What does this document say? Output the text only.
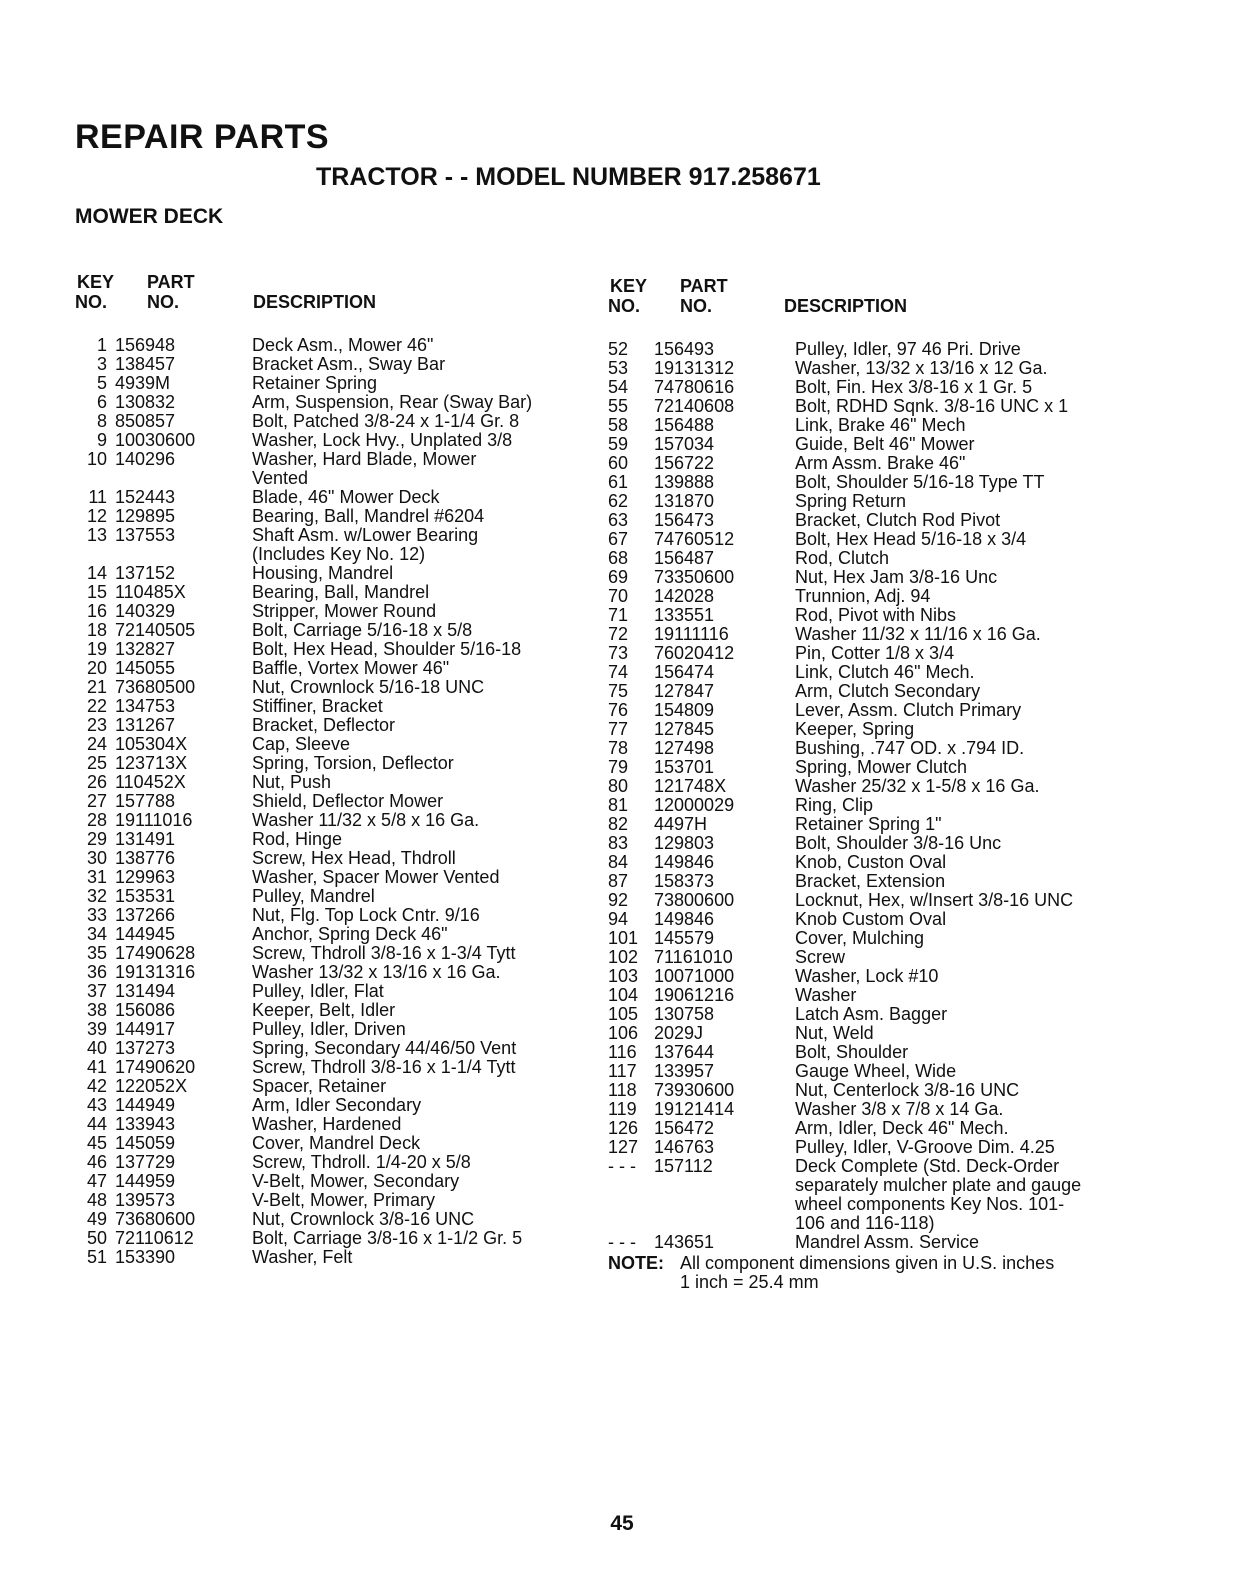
REPAIR PARTS
TRACTOR - - MODEL NUMBER 917.258671
MOWER DECK
KEY
NO.
PART
NO.	DESCRIPTION
1 156948	Deck Asm., Mower 46"
3 138457	Bracket Asm., Sway Bar
5 4939M	Retainer Spring
6 130832	Arm, Suspension, Rear (Sway Bar)
8 850857	Bolt, Patched 3/8-24 x 1-1/4 Gr. 8
9 10030600	Washer, Lock Hvy., Unplated 3/8
10 140296	Washer, Hard Blade, Mower
Vented
11 152443	Blade, 46" Mower Deck
12 129895	Bearing, Ball, Mandrel #6204
13 137553	Shaft Asm. w/Lower Bearing
(Includes Key No. 12)
14 137152	Housing, Mandrel
15 110485X	Bearing, Ball, Mandrel
16 140329	Stripper, Mower Round
18 72140505	Bolt, Carriage 5/16-18 x 5/8
19 132827	Bolt, Hex Head, Shoulder 5/16-18
20 145055	Baffle, Vortex Mower 46"
21 73680500	Nut, Crownlock 5/16-18 UNC
22 134753	Stiffiner, Bracket
23 131267	Bracket, Deflector
24 105304X	Cap, Sleeve
25 123713X	Spring, Torsion, Deflector
26 110452X	Nut, Push
27 157788	Shield, Deflector Mower
28 19111016	Washer 11/32 x 5/8 x 16 Ga.
29 131491	Rod, Hinge
30 138776	Screw, Hex Head, Thdroll
31 129963	Washer, Spacer Mower Vented
32 153531	Pulley, Mandrel
33 137266	Nut, Flg. Top Lock Cntr. 9/16
34 144945	Anchor, Spring Deck 46"
35 17490628	Screw, Thdroll 3/8-16 x 1-3/4 Tytt
36 19131316	Washer 13/32 x 13/16 x 16 Ga.
37 131494	Pulley, Idler, Flat
38 156086	Keeper, Belt, Idler
39 144917	Pulley, Idler, Driven
40 137273	Spring, Secondary 44/46/50 Vent
41 17490620	Screw, Thdroll 3/8-16 x 1-1/4 Tytt
42 122052X	Spacer, Retainer
43 144949	Arm, Idler Secondary
44 133943	Washer, Hardened
45 145059	Cover, Mandrel Deck
46 137729	Screw, Thdroll. 1/4-20 x 5/8
47 144959	V-Belt, Mower, Secondary
48 139573	V-Belt, Mower, Primary
49 73680600	Nut, Crownlock 3/8-16 UNC
50 72110612	Bolt, Carriage 3/8-16 x 1-1/2 Gr. 5
51 153390	Washer, Felt
KEY
NO.
PART
NO.	DESCRIPTION
52	156493	Pulley, Idler, 97 46 Pri. Drive
53	19131312	Washer, 13/32 x 13/16 x 12 Ga.
54	74780616	Bolt, Fin. Hex 3/8-16 x 1 Gr. 5
55	72140608	Bolt, RDHD Sqnk. 3/8-16 UNC x 1
58	156488	Link, Brake 46" Mech
59	157034	Guide, Belt 46" Mower
60	156722	Arm Assm. Brake 46"
61	139888	Bolt, Shoulder 5/16-18 Type TT
62	131870	Spring Return
63	156473	Bracket, Clutch Rod Pivot
67	74760512	Bolt, Hex Head 5/16-18 x 3/4
68	156487	Rod, Clutch
69	73350600	Nut, Hex Jam 3/8-16 Unc
70	142028	Trunnion, Adj. 94
71	133551	Rod, Pivot with Nibs
72	19111116	Washer 11/32 x 11/16 x 16 Ga.
73	76020412	Pin, Cotter 1/8 x 3/4
74	156474	Link, Clutch 46" Mech.
75	127847	Arm, Clutch Secondary
76	154809	Lever, Assm. Clutch Primary
77	127845	Keeper, Spring
78	127498	Bushing, .747 OD. x .794 ID.
79	153701	Spring, Mower Clutch
80	121748X	Washer 25/32 x 1-5/8 x 16 Ga.
81	12000029	Ring, Clip
82	4497H	Retainer Spring 1"
83	129803	Bolt, Shoulder 3/8-16 Unc
84	149846	Knob, Custon Oval
87	158373	Bracket, Extension
92	73800600	Locknut, Hex, w/Insert 3/8-16 UNC
94	149846	Knob Custom Oval
101 145579	Cover, Mulching
102 71161010	Screw
103 10071000	Washer, Lock #10
104 19061216	Washer
105 130758	Latch Asm. Bagger
106 2029J	Nut, Weld
116 137644	Bolt, Shoulder
117 133957	Gauge Wheel, Wide
118 73930600	Nut, Centerlock 3/8-16 UNC
119 19121414	Washer 3/8 x 7/8 x 14 Ga.
126 156472	Arm, Idler, Deck 46" Mech.
127 146763	Pulley, Idler, V-Groove Dim. 4.25
- - -	157112	Deck Complete (Std. Deck-Order
separately mulcher plate and gauge
wheel components Key Nos. 101-
106 and 116-118)
- - -	143651	Mandrel Assm. Service
NOTE: All component dimensions given in U.S. inches
1 inch = 25.4 mm
45
